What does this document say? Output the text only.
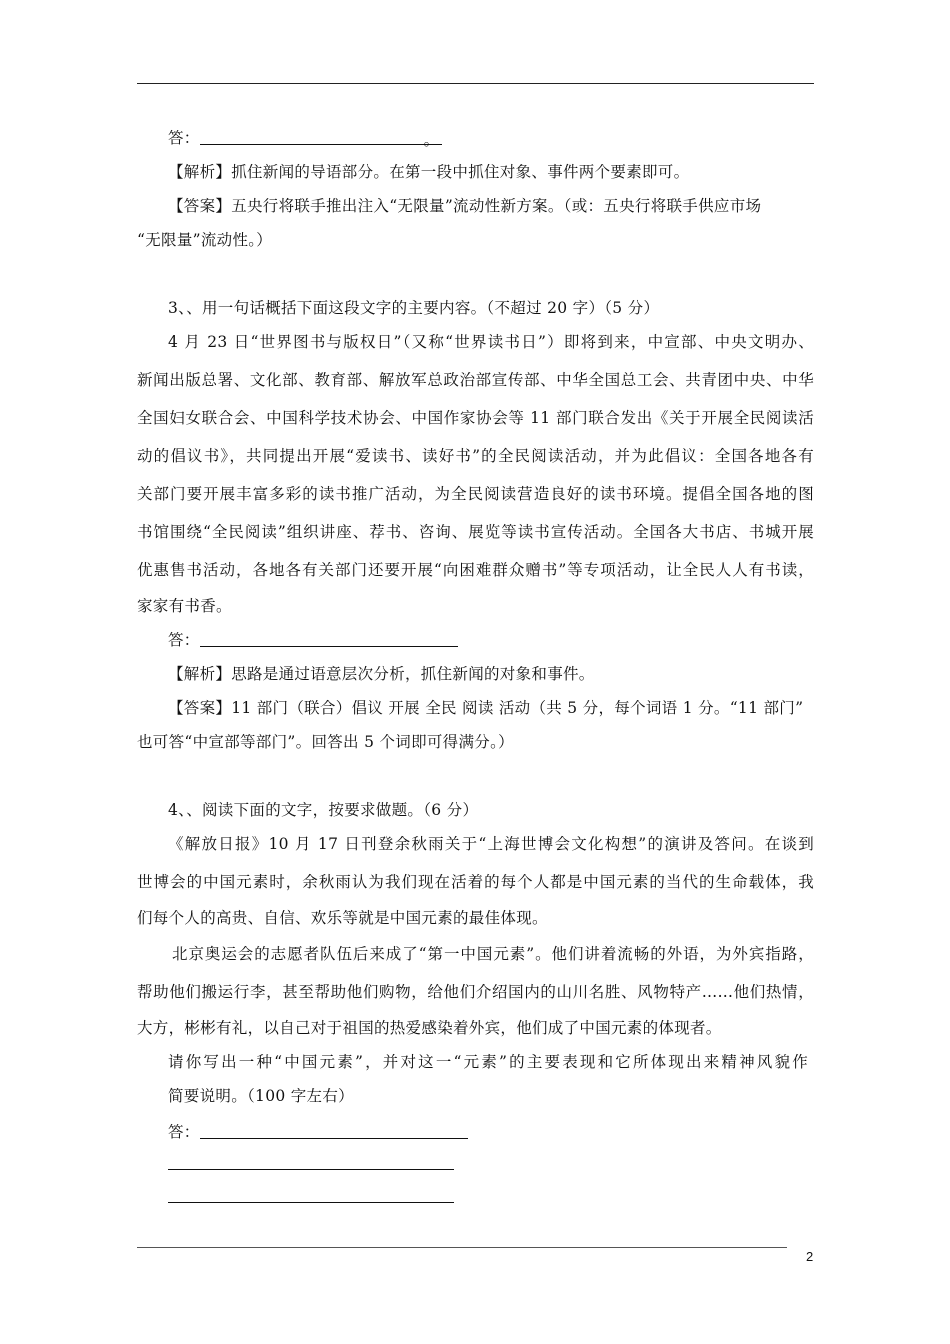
答：	。
【解析】抓住新闻的导语部分。在第一段中抓住对象、事件两个要素即可。
【答案】五央行将联手推出注入“无限量”流动性新方案。（或：五央行将联手供应市场
“无限量”流动性。）
3、、用一句话概括下面这段文字的主要内容。（不超过 20 字）（5 分）
4 月 23 日“世界图书与版权日”（又称“世界读书日”）即将到来，中宣部、中央文明办、
新闻出版总署、文化部、教育部、解放军总政治部宣传部、中华全国总工会、共青团中央、中华
全国妇女联合会、中国科学技术协会、中国作家协会等 11 部门联合发出《关于开展全民阅读活
动的倡议书》，共同提出开展“爱读书、读好书”的全民阅读活动，并为此倡议：全国各地各有
关部门要开展丰富多彩的读书推广活动，为全民阅读营造良好的读书环境。提倡全国各地的图
书馆围绕“全民阅读”组织讲座、荐书、咨询、展览等读书宣传活动。全国各大书店、书城开展
优惠售书活动，各地各有关部门还要开展“向困难群众赠书”等专项活动，让全民人人有书读，
家家有书香。
答：
【解析】思路是通过语意层次分析，抓住新闻的对象和事件。
【答案】11 部门（联合）倡议 开展 全民 阅读 活动（共 5 分，每个词语 1 分。“11 部门”
也可答“中宣部等部门”。回答出 5 个词即可得满分。）
4、、阅读下面的文字，按要求做题。（6 分）
《解放日报》10 月 17 日刊登余秋雨关于“上海世博会文化构想”的演讲及答问。在谈到
世博会的中国元素时，余秋雨认为我们现在活着的每个人都是中国元素的当代的生命载体，我
们每个人的高贵、自信、欢乐等就是中国元素的最佳体现。
北京奥运会的志愿者队伍后来成了“第一中国元素”。他们讲着流畅的外语，为外宾指路，
帮助他们搬运行李，甚至帮助他们购物，给他们介绍国内的山川名胜、风物特产……他们热情，
大方，彬彬有礼，以自己对于祖国的热爱感染着外宾，他们成了中国元素的体现者。
请你写出一种“中国元素”，并对这一“元素”的主要表现和它所体现出来精神风貌作
简要说明。（100 字左右）
答：
2
